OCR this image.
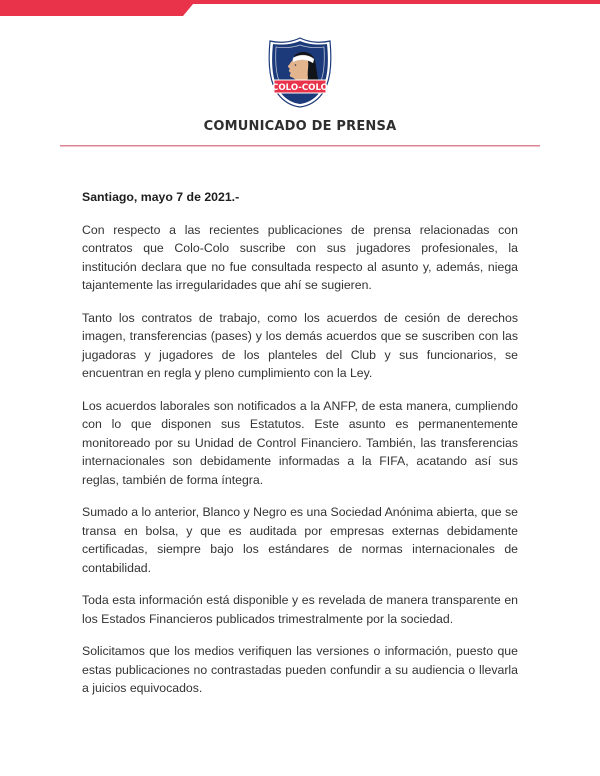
COLO-COLO
COMUNICADO DE PRENSA
Santiago, mayo 7 de 2021.-

Con respecto a las recientes publicaciones de prensa relacionadas con contratos que Colo-Colo suscribe con sus jugadores profesionales, la institución declara que no fue consultada respecto al asunto y, además, niega tajantemente las irregularidades que ahí se sugieren.

Tanto los contratos de trabajo, como los acuerdos de cesión de derechos imagen, transferencias (pases) y los demás acuerdos que se suscriben con las jugadoras y jugadores de los planteles del Club y sus funcionarios, se encuentran en regla y pleno cumplimiento con la Ley.

Los acuerdos laborales son notificados a la ANFP, de esta manera, cumpliendo con lo que disponen sus Estatutos. Este asunto es permanentemente monitoreado por su Unidad de Control Financiero. También, las transferencias internacionales son debidamente informadas a la FIFA, acatando así sus reglas, también de forma íntegra.

Sumado a lo anterior, Blanco y Negro es una Sociedad Anónima abierta, que se transa en bolsa, y que es auditada por empresas externas debidamente certificadas, siempre bajo los estándares de normas internacionales de contabilidad.

Toda esta información está disponible y es revelada de manera transparente en los Estados Financieros publicados trimestralmente por la sociedad.

Solicitamos que los medios verifiquen las versiones o información, puesto que estas publicaciones no contrastadas pueden confundir a su audiencia o llevarla a juicios equivocados.
